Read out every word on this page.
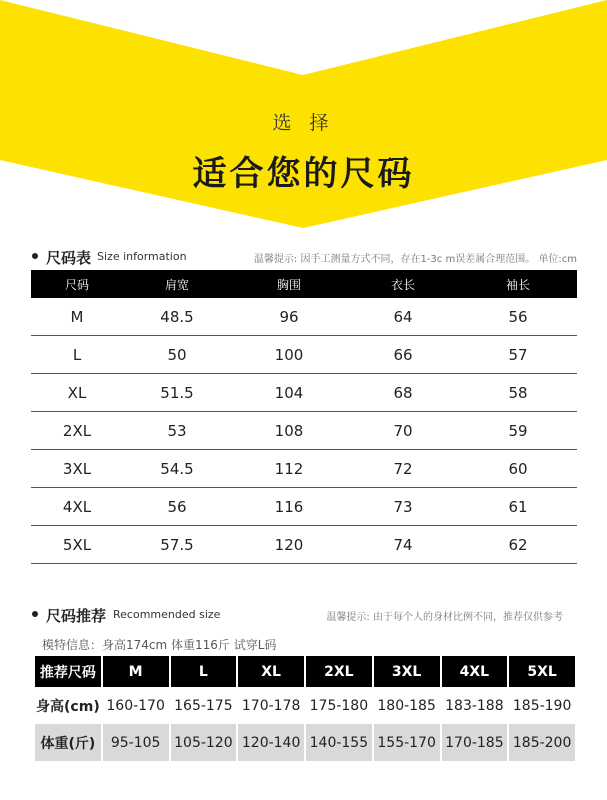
选 择
适合您的尺码
尺码表 Size information	温馨提示: 因手工测量方式不同，存在1-3c m误差属合理范围。 单位:cm
尺码	肩宽	胸围	衣长	袖长
M	48.5	96	64	56
L	50	100	66	57
XL	51.5	104	68	58
2XL	53	108	70	59
3XL	54.5	112	72	60
4XL	56	116	73	61
5XL	57.5	120	74	62
尺码推荐 Recommended size	温馨提示: 由于每个人的身材比例不同，推荐仅供参考
模特信息：身高174cm 体重116斤 试穿L码
推荐尺码	M	L	XL	2XL	3XL	4XL	5XL
身高(cm)	160-170	165-175	170-178	175-180	180-185	183-188	185-190
体重(斤)	95-105	105-120	120-140	140-155	155-170	170-185	185-200
